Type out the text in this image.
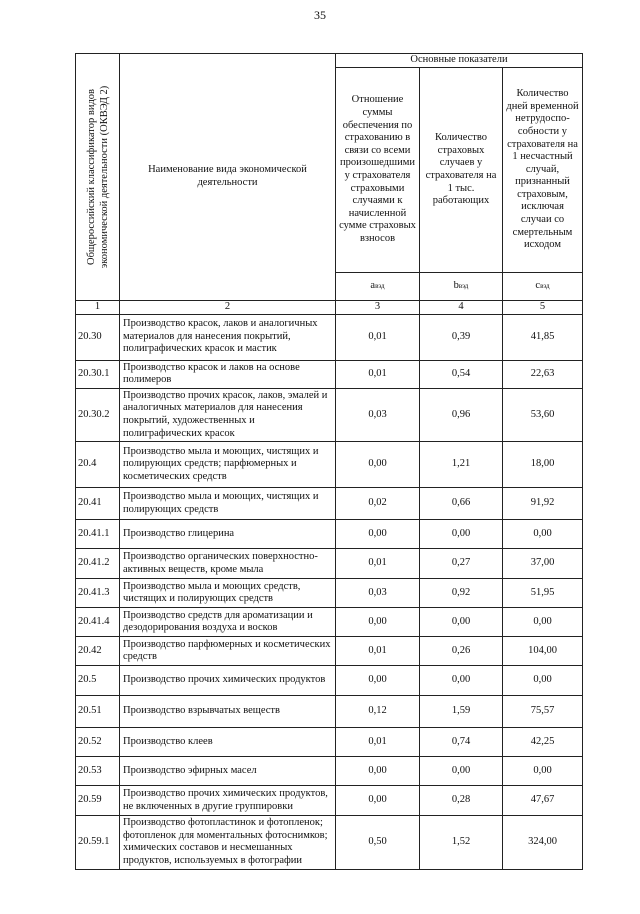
35
Общероссийский классификатор видов экономической деятельности (ОКВЭД 2)	Наименование вида экономической деятельности	Основные показатели		
		Отношение суммы обеспечения по страхованию в связи со всеми произошедшими у страхователя страховыми случаями к начисленной сумме страховых взносов	Количество страховых случаев у страхователя на 1 тыс. работающих	Количество дней временной нетрудоспо-собности у страхователя на 1 несчастный случай, признанный страховым, исключая случаи со смертельным исходом
		aвэд	bвэд	cвэд
1	2	3	4	5
20.30	Производство красок, лаков и аналогичных материалов для нанесения покрытий, полиграфических красок и мастик	0,01	0,39	41,85
20.30.1	Производство красок и лаков на основе полимеров	0,01	0,54	22,63
20.30.2	Производство прочих красок, лаков, эмалей и аналогичных материалов для нанесения покрытий, художественных и полиграфических красок	0,03	0,96	53,60
20.4	Производство мыла и моющих, чистящих и полирующих средств; парфюмерных и косметических средств	0,00	1,21	18,00
20.41	Производство мыла и моющих, чистящих и полирующих средств	0,02	0,66	91,92
20.41.1	Производство глицерина	0,00	0,00	0,00
20.41.2	Производство органических поверхностно-активных веществ, кроме мыла	0,01	0,27	37,00
20.41.3	Производство мыла и моющих средств, чистящих и полирующих средств	0,03	0,92	51,95
20.41.4	Производство средств для ароматизации и дезодорирования воздуха и восков	0,00	0,00	0,00
20.42	Производство парфюмерных и косметических средств	0,01	0,26	104,00
20.5	Производство прочих химических продуктов	0,00	0,00	0,00
20.51	Производство взрывчатых веществ	0,12	1,59	75,57
20.52	Производство клеев	0,01	0,74	42,25
20.53	Производство эфирных масел	0,00	0,00	0,00
20.59	Производство прочих химических продуктов, не включенных в другие группировки	0,00	0,28	47,67
20.59.1	Производство фотопластинок и фотопленок; фотопленок для моментальных фотоснимков; химических составов и несмешанных продуктов, используемых в фотографии	0,50	1,52	324,00
